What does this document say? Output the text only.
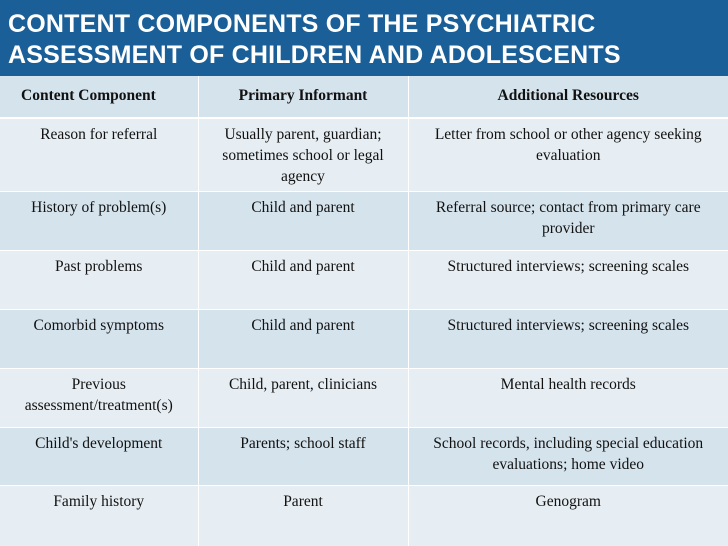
CONTENT COMPONENTS OF THE PSYCHIATRIC
ASSESSMENT OF CHILDREN AND ADOLESCENTS
Content Component	Primary Informant	Additional Resources
Reason for referral	Usually parent, guardian; sometimes school or legal agency	Letter from school or other agency seeking evaluation
History of problem(s)	Child and parent	Referral source; contact from primary care provider
Past problems	Child and parent	Structured interviews; screening scales
Comorbid symptoms	Child and parent	Structured interviews; screening scales
Previous assessment/treatment(s)	Child, parent, clinicians	Mental health records
Child's development	Parents; school staff	School records, including special education evaluations; home video
Family history	Parent	Genogram
